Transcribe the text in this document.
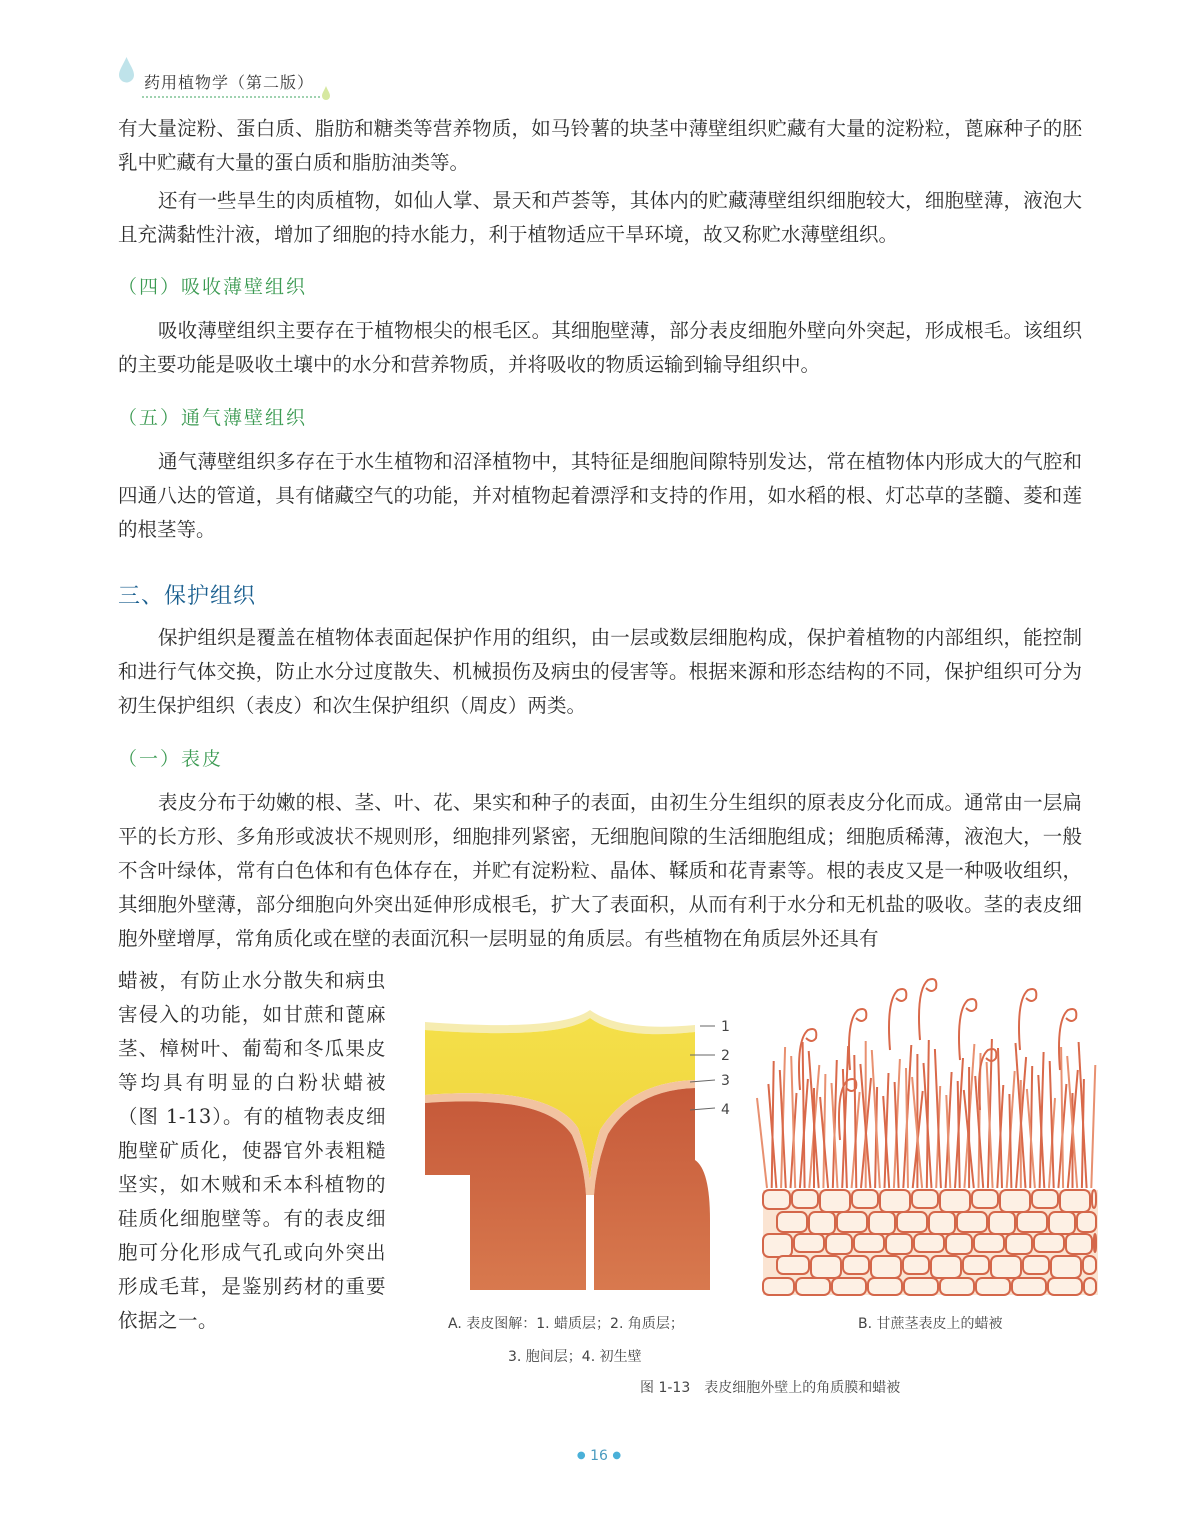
药用植物学（第二版）

有大量淀粉、蛋白质、脂肪和糖类等营养物质，如马铃薯的块茎中薄壁组织贮藏有大量的淀粉粒，蓖麻种子的胚乳中贮藏有大量的蛋白质和脂肪油类等。

还有一些旱生的肉质植物，如仙人掌、景天和芦荟等，其体内的贮藏薄壁组织细胞较大，细胞壁薄，液泡大且充满黏性汁液，增加了细胞的持水能力，利于植物适应干旱环境，故又称贮水薄壁组织。

（四）吸收薄壁组织

吸收薄壁组织主要存在于植物根尖的根毛区。其细胞壁薄，部分表皮细胞外壁向外突起，形成根毛。该组织的主要功能是吸收土壤中的水分和营养物质，并将吸收的物质运输到输导组织中。

（五）通气薄壁组织

通气薄壁组织多存在于水生植物和沼泽植物中，其特征是细胞间隙特别发达，常在植物体内形成大的气腔和四通八达的管道，具有储藏空气的功能，并对植物起着漂浮和支持的作用，如水稻的根、灯芯草的茎髓、菱和莲的根茎等。

三、保护组织

保护组织是覆盖在植物体表面起保护作用的组织，由一层或数层细胞构成，保护着植物的内部组织，能控制和进行气体交换，防止水分过度散失、机械损伤及病虫的侵害等。根据来源和形态结构的不同，保护组织可分为初生保护组织（表皮）和次生保护组织（周皮）两类。

（一）表皮

表皮分布于幼嫩的根、茎、叶、花、果实和种子的表面，由初生分生组织的原表皮分化而成。通常由一层扁平的长方形、多角形或波状不规则形，细胞排列紧密，无细胞间隙的生活细胞组成；细胞质稀薄，液泡大，一般不含叶绿体，常有白色体和有色体存在，并贮有淀粉粒、晶体、鞣质和花青素等。根的表皮又是一种吸收组织，其细胞外壁薄，部分细胞向外突出延伸形成根毛，扩大了表面积，从而有利于水分和无机盐的吸收。茎的表皮细胞外壁增厚，常角质化或在壁的表面沉积一层明显的角质层。有些植物在角质层外还具有

蜡被，有防止水分散失和病虫害侵入的功能，如甘蔗和蓖麻茎、樟树叶、葡萄和冬瓜果皮等均具有明显的白粉状蜡被（图 1-13）。有的植物表皮细胞壁矿质化，使器官外表粗糙坚实，如木贼和禾本科植物的硅质化细胞壁等。有的表皮细胞可分化形成气孔或向外突出形成毛茸，是鉴别药材的重要依据之一。

1
2
3
4

A. 表皮图解：1. 蜡质层；2. 角质层；

3. 胞间层；4. 初生壁

B. 甘蔗茎表皮上的蜡被

图 1-13　表皮细胞外壁上的角质膜和蜡被

● 16 ●
